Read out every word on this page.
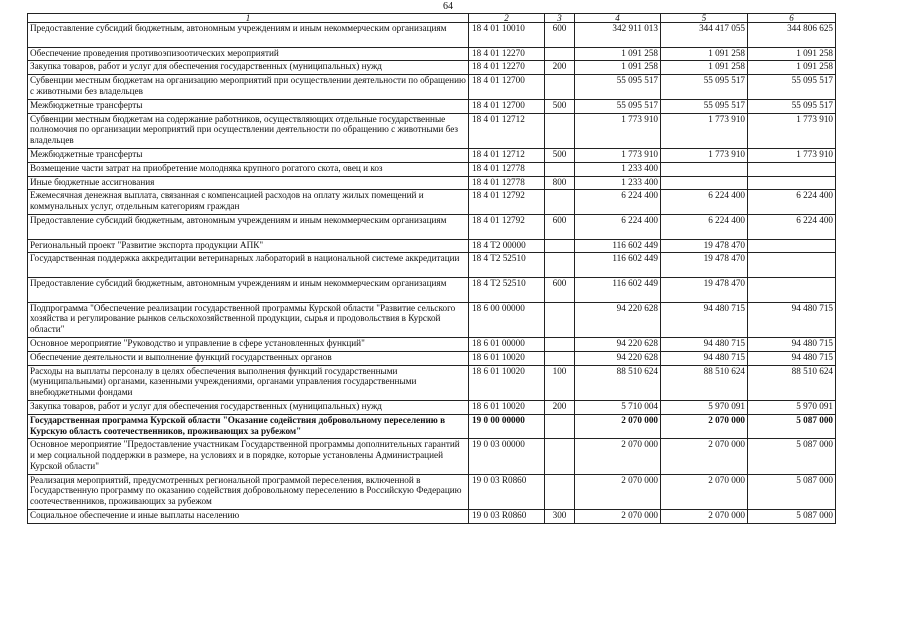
64
1	2	3	4	5	6
Предоставление субсидий бюджетным, автономным учреждениям и иным некоммерческим организациям	18 4 01 10010	600	342 911 013	344 417 055	344 806 625
Обеспечение проведения противоэпизоотических мероприятий	18 4 01 12270		1 091 258	1 091 258	1 091 258
Закупка товаров, работ и услуг для обеспечения государственных (муниципальных) нужд	18 4 01 12270	200	1 091 258	1 091 258	1 091 258
Субвенции местным бюджетам на организацию мероприятий при осуществлении деятельности по обращению с животными без владельцев	18 4 01 12700		55 095 517	55 095 517	55 095 517
Межбюджетные трансферты	18 4 01 12700	500	55 095 517	55 095 517	55 095 517
Субвенции местным бюджетам на содержание работников, осуществляющих отдельные государственные полномочия по организации мероприятий при осуществлении деятельности по обращению с животными без владельцев	18 4 01 12712		1 773 910	1 773 910	1 773 910
Межбюджетные трансферты	18 4 01 12712	500	1 773 910	1 773 910	1 773 910
Возмещение части затрат на приобретение молодняка крупного рогатого скота, овец и коз	18 4 01 12778		1 233 400		
Иные бюджетные ассигнования	18 4 01 12778	800	1 233 400		
Ежемесячная денежная выплата, связанная с компенсацией расходов на оплату жилых помещений и коммунальных услуг, отдельным категориям граждан	18 4 01 12792		6 224 400	6 224 400	6 224 400
Предоставление субсидий бюджетным, автономным учреждениям и иным некоммерческим организациям	18 4 01 12792	600	6 224 400	6 224 400	6 224 400
Региональный проект "Развитие экспорта продукции АПК"	18 4 T2 00000		116 602 449	19 478 470	
Государственная поддержка аккредитации ветеринарных лабораторий в национальной системе аккредитации	18 4 T2 52510		116 602 449	19 478 470	
Предоставление субсидий бюджетным, автономным учреждениям и иным некоммерческим организациям	18 4 T2 52510	600	116 602 449	19 478 470	
Подпрограмма "Обеспечение реализации государственной программы Курской области "Развитие сельского хозяйства и регулирование рынков сельскохозяйственной продукции, сырья и продовольствия в Курской области"	18 6 00 00000		94 220 628	94 480 715	94 480 715
Основное мероприятие "Руководство и управление в сфере установленных функций"	18 6 01 00000		94 220 628	94 480 715	94 480 715
Обеспечение деятельности и выполнение функций государственных органов	18 6 01 10020		94 220 628	94 480 715	94 480 715
Расходы на выплаты персоналу в целях обеспечения выполнения функций государственными (муниципальными) органами, казенными учреждениями, органами управления государственными внебюджетными фондами	18 6 01 10020	100	88 510 624	88 510 624	88 510 624
Закупка товаров, работ и услуг для обеспечения государственных (муниципальных) нужд	18 6 01 10020	200	5 710 004	5 970 091	5 970 091
Государственная программа Курской области "Оказание содействия добровольному переселению в Курскую область соотечественников, проживающих за рубежом"	19 0 00 00000		2 070 000	2 070 000	5 087 000
Основное мероприятие "Предоставление участникам Государственной программы дополнительных гарантий и мер социальной поддержки в размере, на условиях и в порядке, которые установлены Администрацией Курской области"	19 0 03 00000		2 070 000	2 070 000	5 087 000
Реализация мероприятий, предусмотренных региональной программой переселения, включенной в Государственную программу по оказанию содействия добровольному переселению в Российскую Федерацию соотечественников, проживающих за рубежом	19 0 03 R0860		2 070 000	2 070 000	5 087 000
Социальное обеспечение и иные выплаты населению	19 0 03 R0860	300	2 070 000	2 070 000	5 087 000
